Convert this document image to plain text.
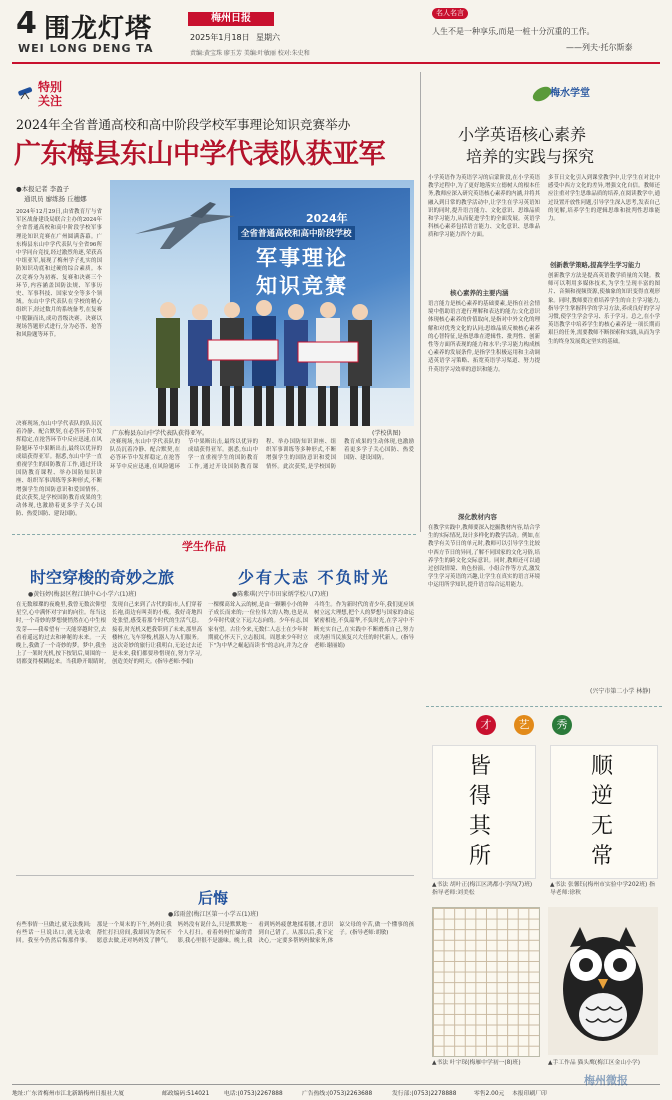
4 围龙灯塔
WEI LONG DENG TA
梅州日报
2025年1月18日 星期六
责编:黄宝珠 廖玉芳 美编:叶敏丽 校对:朱史和
名人名言
人生不是一种享乐,而是一桩十分沉重的工作。
——列夫·托尔斯泰
特别
关注
2024年全省普通高校和高中阶段学校军事理论知识竞赛举办
广东梅县东山中学代表队获亚军
●本报记者 李盈子
通讯员 廖练扬 丘穗娜
2024年12月29日,由省教育厅与省军区战备建设局联合主办的2024年全省普通高校和高中阶段学校军事理论知识竞赛在广州圆满落幕。广东梅县东山中学代表队与全省96所中学同台竞技,经过激烈角逐,荣获高中组亚军,展现了梅州学子扎实的国防知识功底和过硬的综合素质。本次竞赛分为初赛、复赛和决赛三个环节,内容涵盖国防法规、军事历史、军事科技、国家安全等多个领域。东山中学代表队在学校的精心组织下,经过数月的系统备考,在复赛中脱颖而出,成功晋级决赛。决赛以现场答题形式进行,分为必答、抢答和风险题等环节。
2024年
全省普通高校和高中阶段学校
军事理论
知识竞赛
广东梅县东山中学代表队获得亚军。	(学校供图)
决赛现场,东山中学代表队的队员沉着冷静、配合默契,在必答环节中发挥稳定,在抢答环节中反应迅速,在风险题环节中果断出击,最终以优异的成绩获得亚军。据悉,东山中学一直重视学生的国防教育工作,通过开设国防教育课程、举办国防知识讲座、组织军事训练等多种形式,不断增强学生的国防意识和爱国情怀。此次获奖,是学校国防教育成果的生动体现,也激励着更多学子关心国防、热爱国防、建设国防。
决赛现场,东山中学代表队的队员沉着冷静、配合默契,在必答环节中发挥稳定,在抢答环节中反应迅速,在风险题环节中果断出击,最终以优异的成绩获得亚军。据悉,东山中学一直重视学生的国防教育工作,通过开设国防教育课程、举办国防知识讲座、组织军事训练等多种形式,不断增强学生的国防意识和爱国情怀。此次获奖,是学校国防教育成果的生动体现,也激励着更多学子关心国防、热爱国防、建设国防。
梅水学堂
小学英语核心素养
培养的实践与探究
小学英语作为英语学习的启蒙阶段,在小学英语教学过程中,为了更好地落实立德树人的根本任务,教师应深入研究英语核心素养的内涵,并将其融入到日常的教学活动中,让学生在学习英语知识的同时,提升语言能力、文化意识、思维品质和学习能力,从而促进学生的全面发展。英语学科核心素养包括语言能力、文化意识、思维品质和学习能力四个方面。
核心素养的主要内涵
语言能力是核心素养的基础要素,是指在社会情境中借助语言进行理解和表达的能力;文化意识体现核心素养的价值取向,是指对中外文化的理解和对优秀文化的认同;思维品质反映核心素养的心智特征,是指思维在逻辑性、批判性、创新性等方面所表现的能力和水平;学习能力构成核心素养的发展条件,是指学生积极运用和主动调适英语学习策略、拓宽英语学习渠道、努力提升英语学习效率的意识和能力。
深化教材内容
在教学实践中,教师要深入挖掘教材内容,结合学生的实际情况,设计多样化的教学活动。例如,在教学有关节日的单元时,教师可以引导学生比较中西方节日的异同,了解不同国家的文化习俗,培养学生的跨文化交际意识。同时,教师还可以通过创设情境、角色扮演、小组合作等方式,激发学生学习英语的兴趣,让学生在真实的语言环境中运用所学知识,提升语言综合运用能力。
多节日文化引入到课堂教学中,让学生在对比中感受中西方文化的差异,增强文化自信。教师还应注重对学生思维品质的培养,在阅读教学中,通过设置开放性问题,引导学生深入思考,发表自己的见解,培养学生的逻辑思维和批判性思维能力。
创新教学策略,提高学生学习能力
创新教学方法是提高英语教学质量的关键。教师可以利用多媒体技术,为学生呈现丰富的图片、音频和视频资源,使抽象的知识变得直观形象。同时,教师要注重培养学生的自主学习能力,指导学生掌握科学的学习方法,养成良好的学习习惯,使学生学会学习、乐于学习。总之,在小学英语教学中培养学生的核心素养是一项长期而艰巨的任务,需要教师不断探索和实践,从而为学生的终身发展奠定坚实的基础。
(兴宁市第二小学 林静)
学生作品
时空穿梭的奇妙之旅
●黄钰婷(梅县区程江镇中心小学六(1)班)
在无数璀璨的夜晚里,我曾无数次仰望星空,心中满怀对宇宙的向往。每当这时,一个奇妙的梦想便悄然在心中生根发芽——我希望有一天能穿越时空,去看看遥远的过去和神秘的未来。一天晚上,我做了一个奇妙的梦。梦中,我坐上了一架时光机,按下按钮后,周围的一切都变得模糊起来。当我睁开眼睛时,发现自己来到了古代的街市,人们穿着长袍,街边有叫卖的小贩。我好奇地四处张望,感受着那个时代的生活气息。接着,时光机又把我带到了未来,那里高楼林立,飞车穿梭,机器人为人们服务。这次奇妙的旅行让我明白,无论过去还是未来,我们都要珍惜现在,努力学习,创造美好的明天。(指导老师:李娟)
少有大志 不负时光
●陈紫琪(兴宁市田家炳学校八(7)班)
一棵棵高耸入云的树,是由一颗颗小小的种子成长而来的;一位位伟大的人物,也是从少年时代就立下远大志向的。少年有志,国家有望。古往今来,无数仁人志士在少年时期就心怀天下,立志报国。周恩来少年时立下"为中华之崛起而读书"的志向,并为之奋斗终生。作为新时代的青少年,我们更应该树立远大理想,把个人的梦想与国家的命运紧密相连,不负韶华,不负时光,在学习中不断充实自己,在实践中不断磨炼自己,努力成为担当民族复兴大任的时代新人。(指导老师:谢丽娟)
后悔
●邱雨萱(梅江区第一小学五(1)班)
有些事情一旦做过,就无法挽回;有些话一旦说出口,就无法收回。我至今仍然后悔那件事。那是一个周末的下午,妈妈让我帮忙打扫房间,我却因为贪玩不愿意去做,还对妈妈发了脾气。妈妈没有说什么,只是默默地一个人打扫。看着妈妈忙碌的背影,我心里很不是滋味。晚上,我看到妈妈疲惫地揉着腰,才意识到自己错了。从那以后,我下定决心,一定要多帮妈妈做家务,体谅父母的辛苦,做一个懂事的孩子。(指导老师:胡敏)
才	艺	秀
皆得其所
顺逆无常
▲书法 胡叶正(梅江区鸿都小学四(7)班) 指导老师:刘美松
▲书法 张馨钰(梅州市实验中学202班) 指导老师:徐秋
▲书法 叶宇琛(梅雁中学初一(8)班)	▲手工作品 猫头鹰(梅江区金山小学)
地址:广东省梅州市江北新路梅州日报社大厦	邮政编码:514021	电话:(0753)2267888	广告热线:(0753)2263688	发行部:(0753)2278888	零售2.00元 本报印刷厂印
梅州微报
